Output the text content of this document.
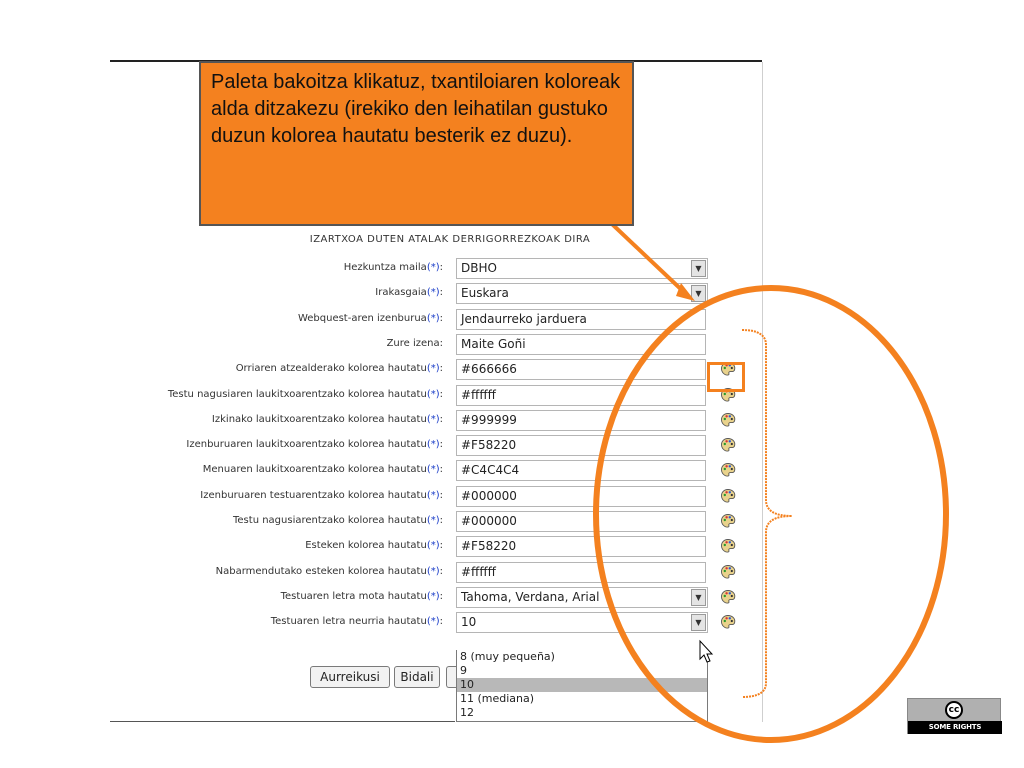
IZARTXOA DUTEN ATALAK DERRIGORREZKOAK DIRA
Hezkuntza maila(*):	DBHO	▼
Irakasgaia(*):	Euskara	▼
Webquest-aren izenburua(*):	Jendaurreko jarduera
Zure izena:	Maite Goñi
Orriaren atzealderako kolorea hautatu(*):	#666666
Testu nagusiaren laukitxoarentzako kolorea hautatu(*):	#ffffff
Izkinako laukitxoarentzako kolorea hautatu(*):	#999999
Izenburuaren laukitxoarentzako kolorea hautatu(*):	#F58220
Menuaren laukitxoarentzako kolorea hautatu(*):	#C4C4C4
Izenburuaren testuarentzako kolorea hautatu(*):	#000000
Testu nagusiarentzako kolorea hautatu(*):	#000000
Esteken kolorea hautatu(*):	#F58220
Nabarmendutako esteken kolorea hautatu(*):	#ffffff
Testuaren letra mota hautatu(*):	Tahoma, Verdana, Arial	▼
Testuaren letra neurria hautatu(*):	10	▼
Aurreikusi	Bidali
8 (muy pequeña)
9
10
11 (mediana)
12
Paleta bakoitza klikatuz, txantiloiaren koloreak alda ditzakezu (irekiko den leihatilan gustuko duzun kolorea hautatu besterik ez duzu).
cc
SOME RIGHTS RESERVED
